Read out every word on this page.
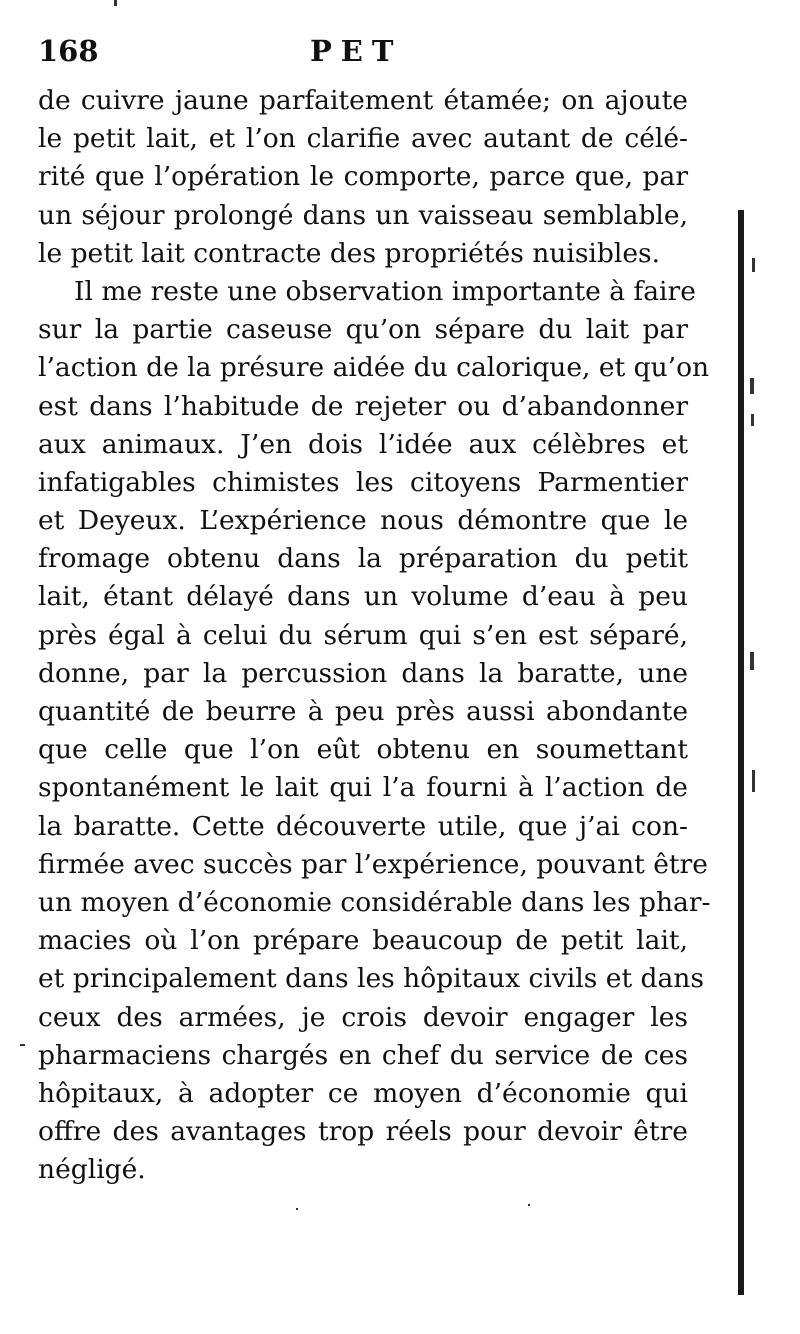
168	PET
de cuivre jaune parfaitement étamée; on ajoute
le petit lait, et l’on clarifie avec autant de célé-
rité que l’opération le comporte, parce que, par
un séjour prolongé dans un vaisseau semblable,
le petit lait contracte des propriétés nuisibles.
Il me reste une observation importante à faire
sur la partie caseuse qu’on sépare du lait par
l’action de la présure aidée du calorique, et qu’on
est dans l’habitude de rejeter ou d’abandonner
aux animaux. J’en dois l’idée aux célèbres et
infatigables chimistes les citoyens Parmentier
et Deyeux. L’expérience nous démontre que le
fromage obtenu dans la préparation du petit
lait, étant délayé dans un volume d’eau à peu
près égal à celui du sérum qui s’en est séparé,
donne, par la percussion dans la baratte, une
quantité de beurre à peu près aussi abondante
que celle que l’on eût obtenu en soumettant
spontanément le lait qui l’a fourni à l’action de
la baratte. Cette découverte utile, que j’ai con-
firmée avec succès par l’expérience, pouvant être
un moyen d’économie considérable dans les phar-
macies où l’on prépare beaucoup de petit lait,
et principalement dans les hôpitaux civils et dans
ceux des armées, je crois devoir engager les
pharmaciens chargés en chef du service de ces
hôpitaux, à adopter ce moyen d’économie qui
offre des avantages trop réels pour devoir être
négligé.
